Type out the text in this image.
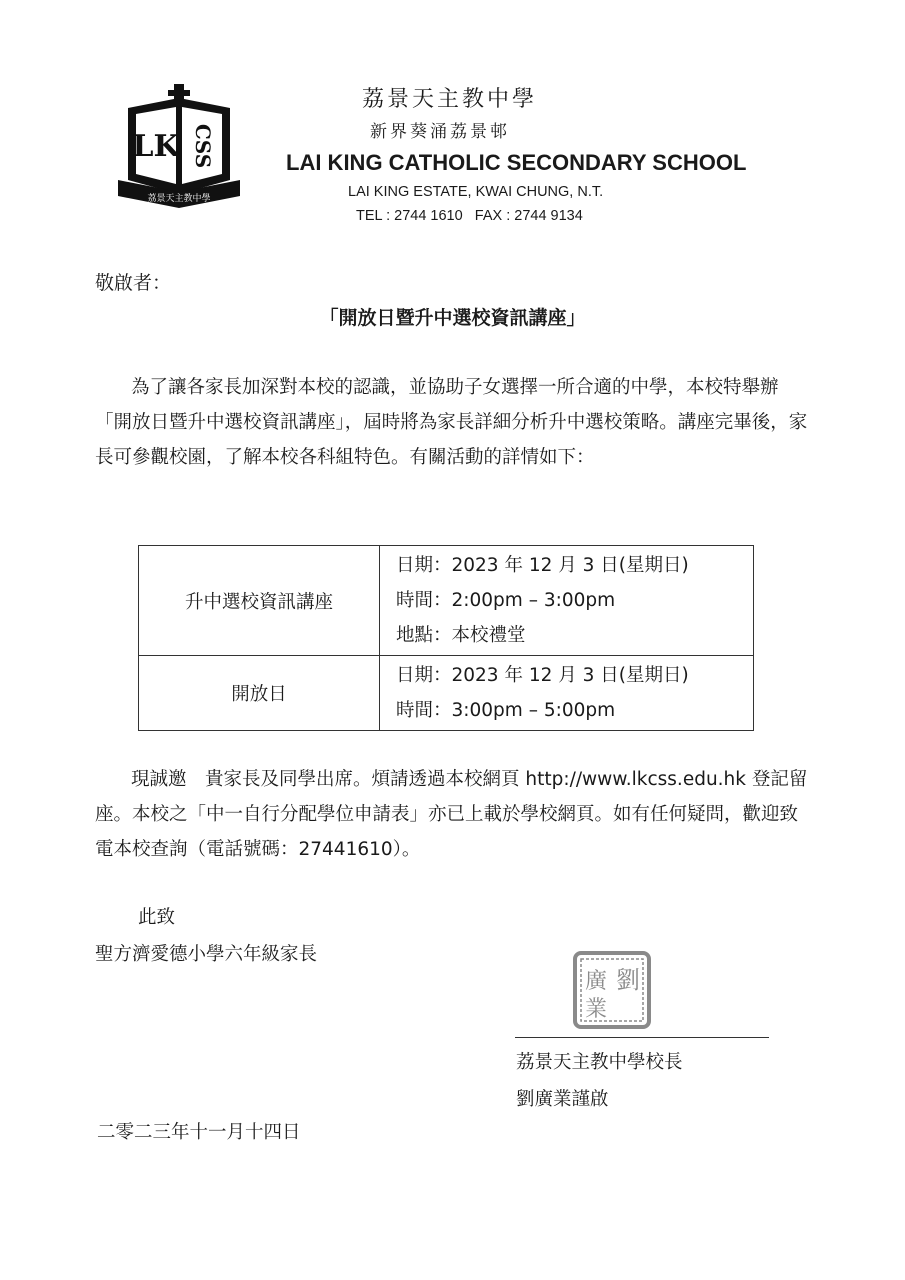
LK CSS
荔景天主教中學
荔景天主教中學
新界葵涌荔景邨
LAI KING CATHOLIC SECONDARY SCHOOL
LAI KING ESTATE, KWAI CHUNG, N.T.
TEL : 2744 1610   FAX : 2744 9134
敬啟者：
「開放日暨升中選校資訊講座」
為了讓各家長加深對本校的認識，並協助子女選擇一所合適的中學，本校特舉辦「開放日暨升中選校資訊講座」，屆時將為家長詳細分析升中選校策略。講座完畢後，家長可參觀校園，了解本校各科組特色。有關活動的詳情如下：
升中選校資訊講座	日期：2023 年 12 月 3 日(星期日)
時間：2:00pm – 3:00pm
地點：本校禮堂

開放日	日期：2023 年 12 月 3 日(星期日)
時間：3:00pm – 5:00pm
現誠邀　貴家長及同學出席。煩請透過本校網頁 http://www.lkcss.edu.hk 登記留座。本校之「中一自行分配學位申請表」亦已上載於學校網頁。如有任何疑問，歡迎致電本校查詢（電話號碼：27441610）。
此致
聖方濟愛德小學六年級家長
劉
廣
業
荔景天主教中學校長
劉廣業謹啟
二零二三年十一月十四日
